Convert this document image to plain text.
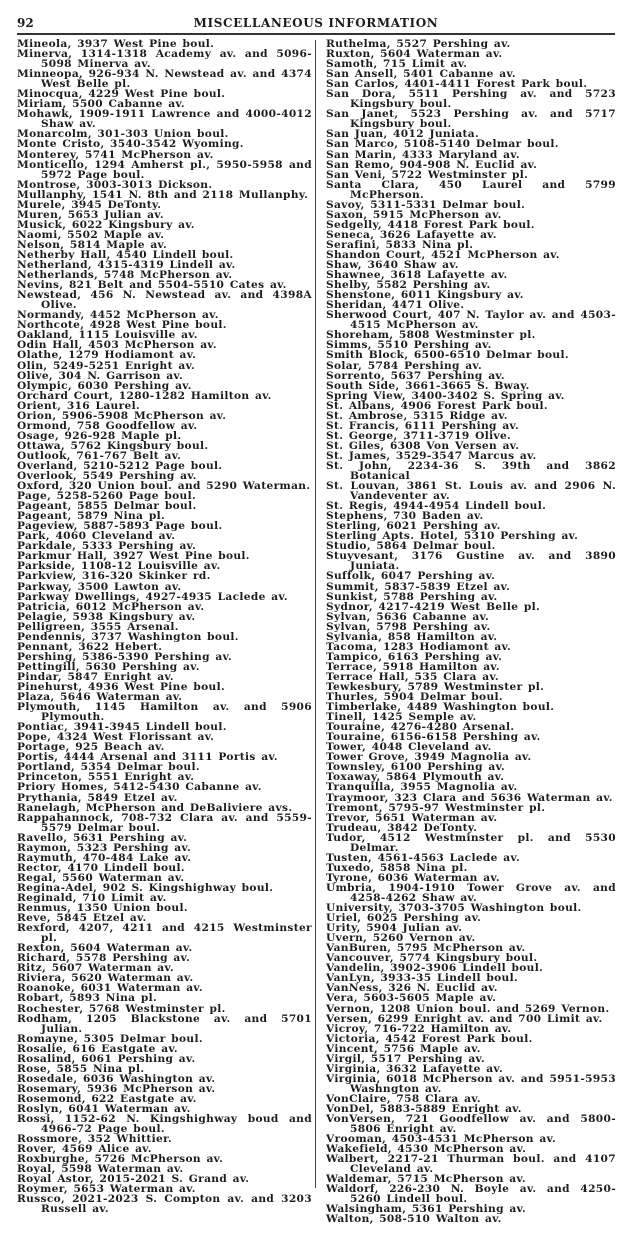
92	MISCELLANEOUS INFORMATION
Mineola, 3937 West Pine boul.
Minerva, 1314-1318 Academy av. and 5096-5098 Minerva av.
Minneopa, 926-934 N. Newstead av. and 4374 West Belle pl.
Minocqua, 4229 West Pine boul.
Miriam, 5500 Cabanne av.
Mohawk, 1909-1911 Lawrence and 4000-4012 Shaw av.
Monarcolm, 301-303 Union boul.
Monte Cristo, 3540-3542 Wyoming.
Monterey, 5741 McPherson av.
Monticello, 1294 Amherst pl., 5950-5958 and 5972 Page boul.
Montrose, 3003-3013 Dickson.
Mullanphy, 1541 N. 8th and 2118 Mullanphy.
Murele, 3945 DeTonty.
Muren, 5653 Julian av.
Musick, 6022 Kingsbury av.
Naomi, 5502 Maple av.
Nelson, 5814 Maple av.
Netherby Hall, 4540 Lindell boul.
Netherland, 4315-4319 Lindell av.
Netherlands, 5748 McPherson av.
Nevins, 821 Belt and 5504-5510 Cates av.
Newstead, 456 N. Newstead av. and 4398A Olive.
Normandy, 4452 McPherson av.
Northcote, 4928 West Pine boul.
Oakland, 1115 Louisville av.
Odin Hall, 4503 McPherson av.
Olathe, 1279 Hodiamont av.
Olin, 5249-5251 Enright av.
Olive, 304 N. Garrison av.
Olympic, 6030 Pershing av.
Orchard Court, 1280-1282 Hamilton av.
Orient, 316 Laurel.
Orion, 5906-5908 McPherson av.
Ormond, 758 Goodfellow av.
Osage, 926-928 Maple pl.
Ottawa, 5762 Kingsbury boul.
Outlook, 761-767 Belt av.
Overland, 5210-5212 Page boul.
Overlook, 5549 Pershing av.
Oxford, 320 Union boul. and 5290 Waterman.
Page, 5258-5260 Page boul.
Pageant, 5855 Delmar boul.
Pageant, 5879 Nina pl.
Pageview, 5887-5893 Page boul.
Park, 4060 Cleveland av.
Parkdale, 5333 Pershing av.
Parkmur Hall, 3927 West Pine boul.
Parkside, 1108-12 Louisville av.
Parkview, 316-320 Skinker rd.
Parkway, 3500 Lawton av.
Parkway Dwellings, 4927-4935 Laclede av.
Patricia, 6012 McPherson av.
Pelagie, 5938 Kingsbury av.
Pelligreen, 3555 Arsenal.
Pendennis, 3737 Washington boul.
Pennant, 3622 Hebert.
Pershing, 5386-5390 Pershing av.
Pettingill, 5630 Pershing av.
Pindar, 5847 Enright av.
Pinehurst, 4936 West Pine boul.
Plaza, 5646 Waterman av.
Plymouth, 1145 Hamilton av. and 5906 Plymouth.
Pontiac, 3941-3945 Lindell boul.
Pope, 4324 West Florissant av.
Portage, 925 Beach av.
Portis, 4444 Arsenal and 3111 Portis av.
Portland, 5354 Delmar boul.
Princeton, 5551 Enright av.
Priory Homes, 5412-5430 Cabanne av.
Prythania, 5849 Etzel av.
Ranelagh, McPherson and DeBaliviere avs.
Rappahannock, 708-732 Clara av. and 5559-5579 Delmar boul.
Ravello, 5631 Pershing av.
Raymon, 5323 Pershing av.
Raymuth, 470-484 Lake av.
Rector, 4170 Lindell boul.
Regal, 5560 Waterman av.
Regina-Adel, 902 S. Kingshighway boul.
Reginald, 710 Limit av.
Renmus, 1350 Union boul.
Reve, 5845 Etzel av.
Rexford, 4207, 4211 and 4215 Westminster pl.
Rexton, 5604 Waterman av.
Richard, 5578 Pershing av.
Ritz, 5607 Waterman av.
Riviera, 5620 Waterman av.
Roanoke, 6031 Waterman av.
Robart, 5893 Nina pl.
Rochester, 5768 Westminster pl.
Rodham, 1205 Blackstone av. and 5701 Julian.
Romayne, 5305 Delmar boul.
Rosalie, 616 Eastgate av.
Rosalind, 6061 Pershing av.
Rose, 5855 Nina pl.
Rosedale, 6036 Washington av.
Rosemary, 5936 McPherson av.
Rosemond, 622 Eastgate av.
Roslyn, 6041 Waterman av.
Rossi, 1152-62 N. Kingshighway boud and 4966-72 Page boul.
Rossmore, 352 Whittier.
Rover, 4569 Alice av.
Roxburghe, 5726 McPherson av.
Royal, 5598 Waterman av.
Royal Astor, 2015-2021 S. Grand av.
Roymer, 5653 Waterman av.
Russco, 2021-2023 S. Compton av. and 3203 Russell av.
Ruthelma, 5527 Pershing av.
Ruxton, 5604 Waterman av.
Samoth, 715 Limit av.
San Ansell, 5401 Cabanne av.
San Carlos, 4401-4411 Forest Park boul.
San Dora, 5511 Pershing av. and 5723 Kingsbury boul.
San Janet, 5523 Pershing av. and 5717 Kingsbury boul.
San Juan, 4012 Juniata.
San Marco, 5108-5140 Delmar boul.
San Marin, 4333 Maryland av.
San Remo, 904-908 N. Euclid av.
San Veni, 5722 Westminster pl.
Santa Clara, 450 Laurel and 5799 McPherson.
Savoy, 5311-5331 Delmar boul.
Saxon, 5915 McPherson av.
Sedgelly, 4418 Forest Park boul.
Seneca, 3626 Lafayette av.
Serafini, 5833 Nina pl.
Shandon Court, 4521 McPherson av.
Shaw, 3640 Shaw av.
Shawnee, 3618 Lafayette av.
Shelby, 5582 Pershing av.
Shenstone, 6011 Kingsbury av.
Sheridan, 4471 Olive.
Sherwood Court, 407 N. Taylor av. and 4503-4515 McPherson av.
Shoreham, 5808 Westminster pl.
Simms, 5510 Pershing av.
Smith Block, 6500-6510 Delmar boul.
Solar, 5784 Pershing av.
Sorrento, 5637 Pershing av.
South Side, 3661-3665 S. Bway.
Spring View, 3400-3402 S. Spring av.
St. Albans, 4906 Forest Park boul.
St. Ambrose, 5315 Ridge av.
St. Francis, 6111 Pershing av.
St. George, 3711-3719 Olive.
St. Giles, 6308 Von Versen av.
St. James, 3529-3547 Marcus av.
St. John, 2234-36 S. 39th and 3862 Botanical
St. Louvan, 3861 St. Louis av. and 2906 N. Vandeventer av.
St. Regis, 4944-4954 Lindell boul.
Stephens, 730 Baden av.
Sterling, 6021 Pershing av.
Sterling Apts. Hotel, 5310 Pershing av.
Studio, 5864 Delmar boul.
Stuyvesant, 3176 Gustine av. and 3890 Juniata.
Suffolk, 6047 Pershing av.
Summit, 5837-5839 Etzel av.
Sunkist, 5788 Pershing av.
Sydnor, 4217-4219 West Belle pl.
Sylvan, 5636 Cabanne av.
Sylvan, 5798 Pershing av.
Sylvania, 858 Hamilton av.
Tacoma, 1283 Hodiamont av.
Tampico, 6163 Pershing av.
Terrace, 5918 Hamilton av.
Terrace Hall, 535 Clara av.
Tewkesbury, 5789 Westminster pl.
Thurles, 5904 Delmar boul.
Timberlake, 4489 Washington boul.
Tinell, 1425 Semple av.
Touraine, 4276-4280 Arsenal.
Touraine, 6156-6158 Pershing av.
Tower, 4048 Cleveland av.
Tower Grove, 3949 Magnolia av.
Townsley, 6100 Pershing av.
Toxaway, 5864 Plymouth av.
Tranquilla, 3955 Magnolia av.
Traymoor, 323 Clara and 5636 Waterman av.
Tremont, 5795-97 Westminster pl.
Trevor, 5651 Waterman av.
Trudeau, 3842 DeTonty.
Tudor, 4512 Westminster pl. and 5530 Delmar.
Tusten, 4561-4563 Laclede av.
Tuxedo, 5858 Nina pl.
Tyrone, 6036 Waterman av.
Umbria, 1904-1910 Tower Grove av. and 4258-4262 Shaw av.
University, 3703-3705 Washington boul.
Uriel, 6025 Pershing av.
Urity, 5904 Julian av.
Uvern, 5260 Vernon av.
VanBuren, 5795 McPherson av.
Vancouver, 5774 Kingsbury boul.
Vandelin, 3902-3906 Lindell boul.
VanLyn, 3933-35 Lindell boul.
VanNess, 326 N. Euclid av.
Vera, 5603-5605 Maple av.
Vernon, 1208 Union boul. and 5269 Vernon.
Versen, 6299 Enright av. and 700 Limit av.
Vicroy, 716-722 Hamilton av.
Victoria, 4542 Forest Park boul.
Vincent, 5756 Maple av.
Virgil, 5517 Pershing av.
Virginia, 3632 Lafayette av.
Virginia, 6018 McPherson av. and 5951-5953 Washngton av.
VonClaire, 758 Clara av.
VonDel, 5883-5889 Enright av.
VonVersen, 721 Goodfellow av. and 5800-5806 Enright av.
Vrooman, 4503-4531 McPherson av.
Wakefield, 4530 McPherson av.
Walbert, 2217-21 Thurman boul. and 4107 Cleveland av.
Waldemar, 5715 McPherson av.
Waldorf, 226-230 N. Boyle av. and 4250-5260 Lindell boul.
Walsingham, 5361 Pershing av.
Walton, 508-510 Walton av.
